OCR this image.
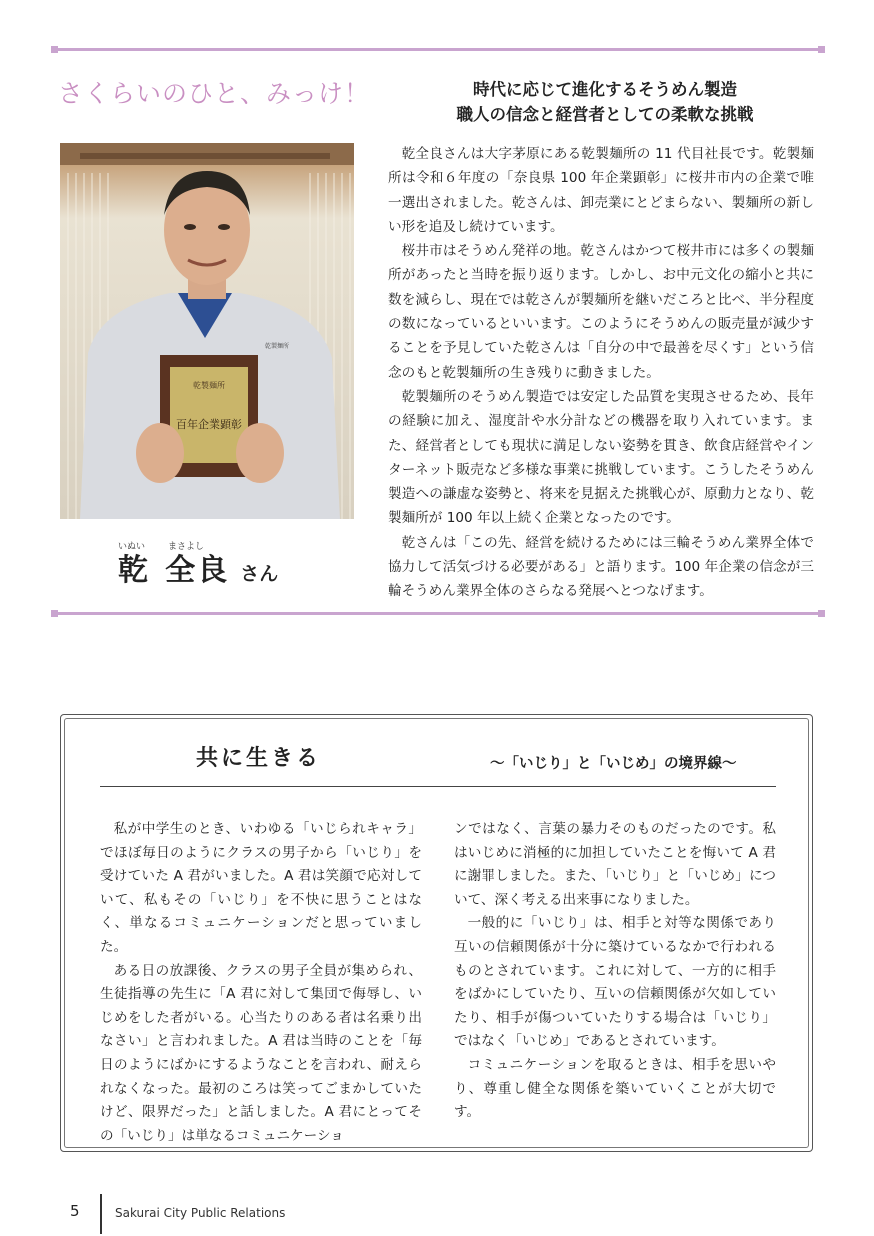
さくらいのひと、みっけ！	時代に応じて進化するそうめん製造
職人の信念と経営者としての柔軟な挑戦
乾製麺所
百年企業顕彰
乾製麺所
いぬい	まさよし
乾 全良 さん

乾全良さんは大字茅原にある乾製麺所の 11 代目社長です。乾製麺所は令和６年度の「奈良県 100 年企業顕彰」に桜井市内の企業で唯一選出されました。乾さんは、卸売業にとどまらない、製麺所の新しい形を追及し続けています。

桜井市はそうめん発祥の地。乾さんはかつて桜井市には多くの製麺所があったと当時を振り返ります。しかし、お中元文化の縮小と共に数を減らし、現在では乾さんが製麺所を継いだころと比べ、半分程度の数になっているといいます。このようにそうめんの販売量が減少することを予見していた乾さんは「自分の中で最善を尽くす」という信念のもと乾製麺所の生き残りに動きました。

乾製麺所のそうめん製造では安定した品質を実現させるため、長年の経験に加え、湿度計や水分計などの機器を取り入れています。また、経営者としても現状に満足しない姿勢を貫き、飲食店経営やインターネット販売など多様な事業に挑戦しています。こうしたそうめん製造への謙虚な姿勢と、将来を見据えた挑戦心が、原動力となり、乾製麺所が 100 年以上続く企業となったのです。

乾さんは「この先、経営を続けるためには三輪そうめん業界全体で協力して活気づける必要がある」と語ります。100 年企業の信念が三輪そうめん業界全体のさらなる発展へとつなげます。

共に生きる	～「いじり」と「いじめ」の境界線～

私が中学生のとき、いわゆる「いじられキャラ」でほぼ毎日のようにクラスの男子から「いじり」を受けていた A 君がいました。A 君は笑顔で応対していて、私もその「いじり」を不快に思うことはなく、単なるコミュニケーションだと思っていました。

ある日の放課後、クラスの男子全員が集められ、生徒指導の先生に「A 君に対して集団で侮辱し、いじめをした者がいる。心当たりのある者は名乗り出なさい」と言われました。A 君は当時のことを「毎日のようにばかにするようなことを言われ、耐えられなくなった。最初のころは笑ってごまかしていたけど、限界だった」と話しました。A 君にとってその「いじり」は単なるコミュニケーショ

ンではなく、言葉の暴力そのものだったのです。私はいじめに消極的に加担していたことを悔いて A 君に謝罪しました。また、「いじり」と「いじめ」について、深く考える出来事になりました。

一般的に「いじり」は、相手と対等な関係であり互いの信頼関係が十分に築けているなかで行われるものとされています。これに対して、一方的に相手をばかにしていたり、互いの信頼関係が欠如していたり、相手が傷ついていたりする場合は「いじり」ではなく「いじめ」であるとされています。

コミュニケーションを取るときは、相手を思いやり、尊重し健全な関係を築いていくことが大切です。

5	Sakurai City Public Relations
